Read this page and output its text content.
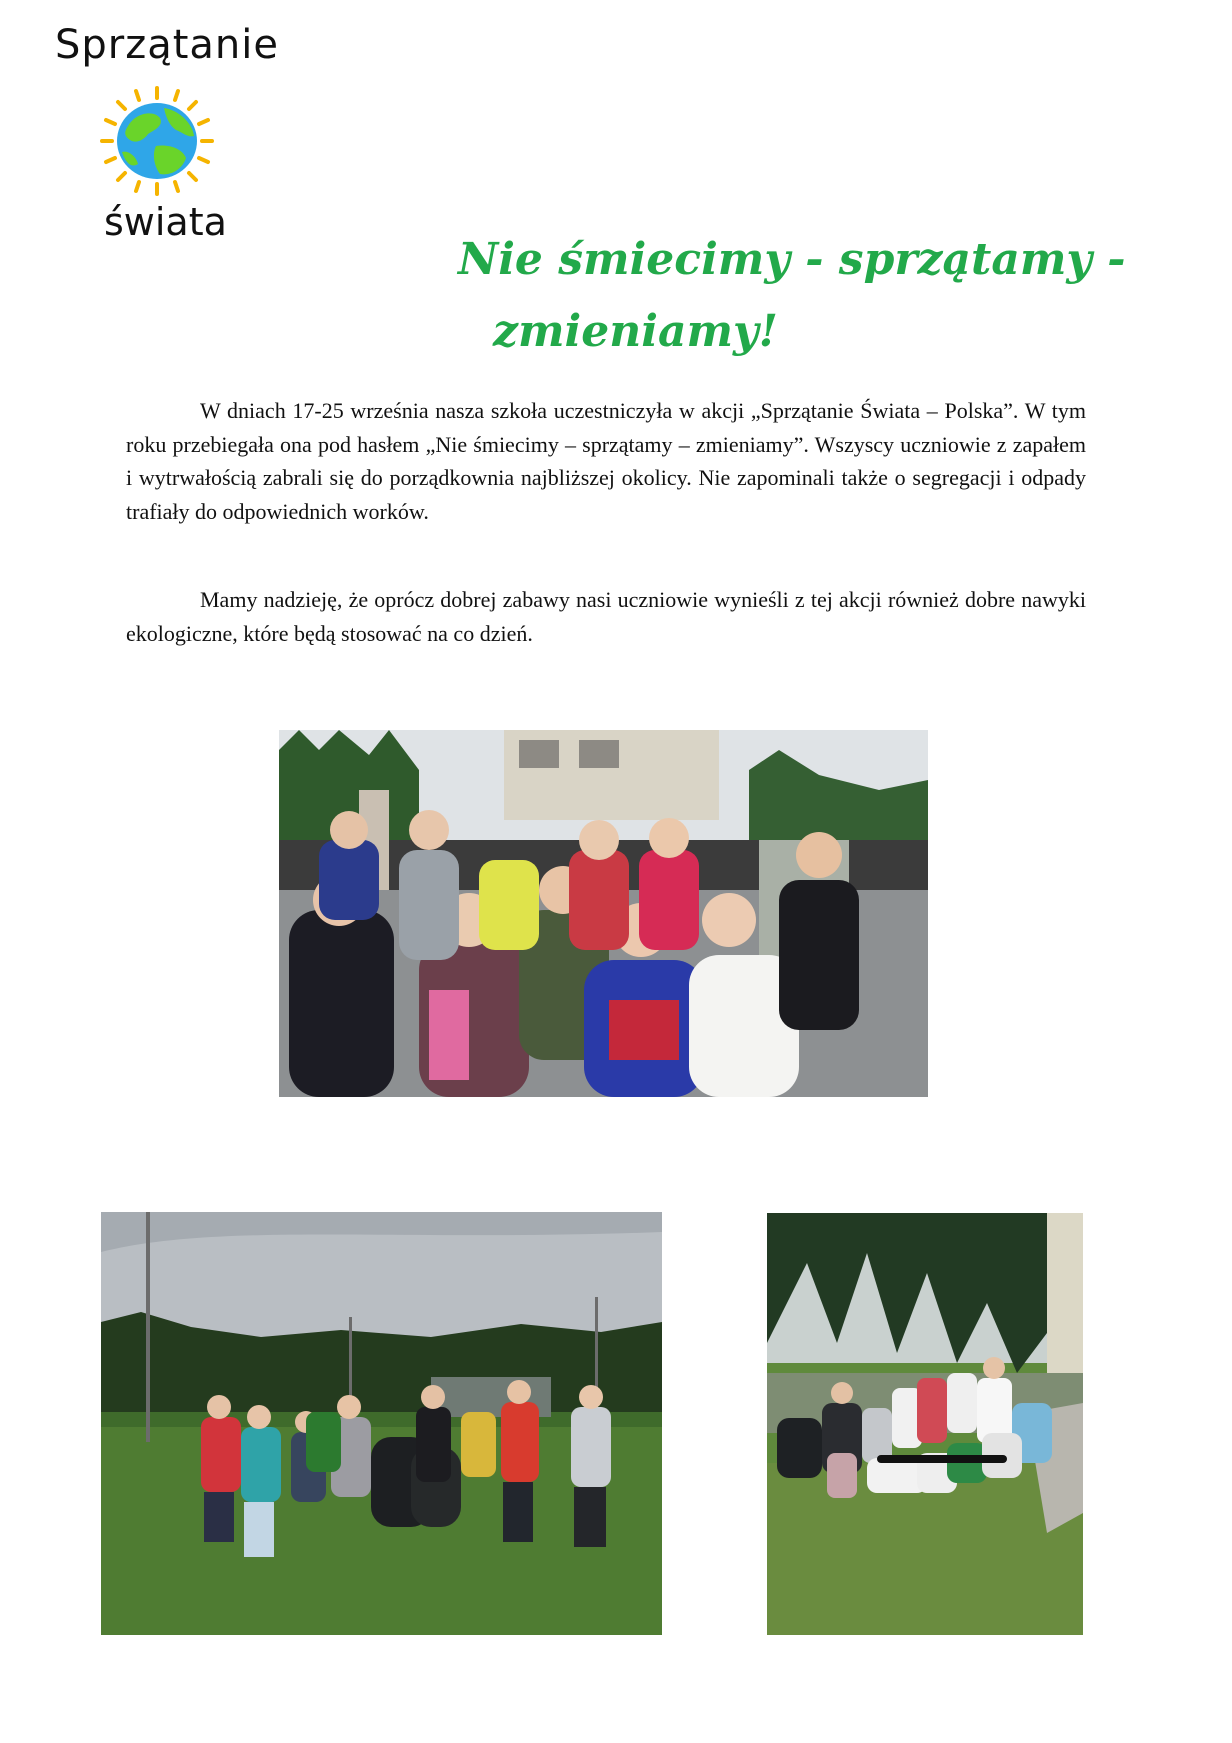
Sprzątanie
świata
Nie śmiecimy - sprzątamy -
zmieniamy!

W dniach 17-25 września nasza szkoła uczestniczyła w akcji „Sprzątanie Świata – Polska”. W tym roku przebiegała ona pod hasłem „Nie śmiecimy – sprzątamy – zmieniamy”. Wszyscy uczniowie z zapałem i wytrwałością zabrali się do porządkownia najbliższej okolicy. Nie zapominali także o segregacji i odpady trafiały do odpowiednich worków.

Mamy nadzieję, że oprócz dobrej zabawy nasi uczniowie wynieśli z tej akcji również dobre nawyki ekologiczne, które będą stosować na co dzień.
